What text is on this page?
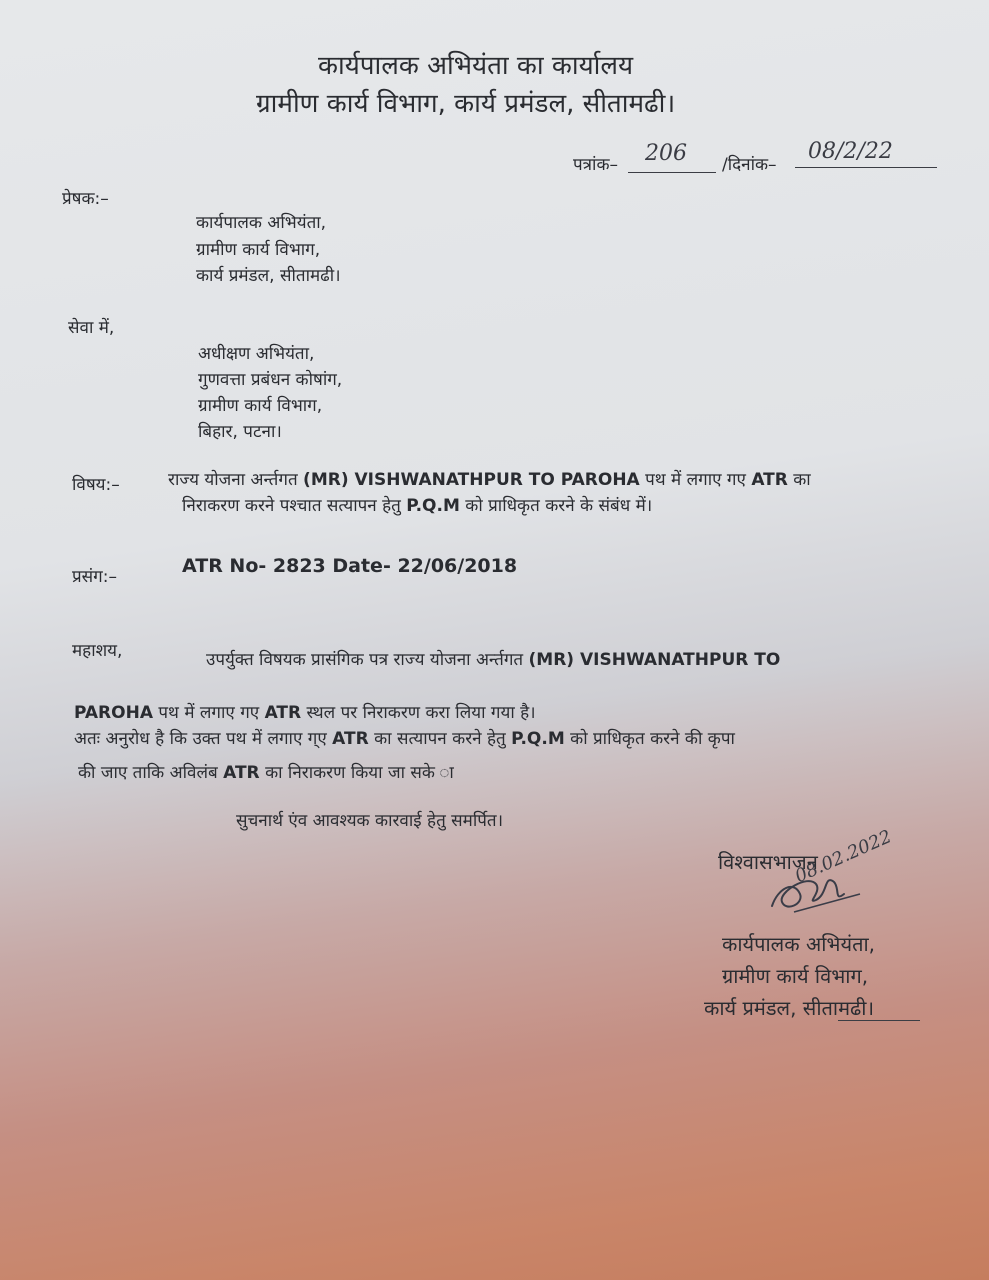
कार्यपालक अभियंता का कार्यालय
ग्रामीण कार्य विभाग, कार्य प्रमंडल, सीतामढी।
पत्रांक– 206 /दिनांक–
08/2/22
प्रेषक:–
कार्यपालक अभियंता,
ग्रामीण कार्य विभाग,
कार्य प्रमंडल, सीतामढी।
सेवा में,
अधीक्षण अभियंता,
गुणवत्ता प्रबंधन कोषांग,
ग्रामीण कार्य विभाग,
बिहार, पटना।
विषय:–	राज्य योजना अर्न्तगत (MR) VISHWANATHPUR TO PAROHA पथ में लगाए गए ATR का
निराकरण करने पश्चात सत्यापन हेतु P.Q.M को प्राधिकृत करने के संबंध में।
प्रसंग:–	ATR No- 2823 Date- 22/06/2018
महाशय,	उपर्युक्त विषयक प्रासंगिक पत्र राज्य योजना अर्न्तगत (MR) VISHWANATHPUR TO
PAROHA पथ में लगाए गए ATR स्थल पर निराकरण करा लिया गया है।
अतः अनुरोध है कि उक्त पथ में लगाए ग्ए ATR का सत्यापन करने हेतु P.Q.M को प्राधिकृत करने की कृपा
की जाए ताकि अविलंब ATR का निराकरण किया जा सके ा
सुचनार्थ एंव आवश्यक कारवाई हेतु समर्पित।
विश्वासभाजन
08.02.2022
कार्यपालक अभियंता,
ग्रामीण कार्य विभाग,
कार्य प्रमंडल, सीतामढी।
